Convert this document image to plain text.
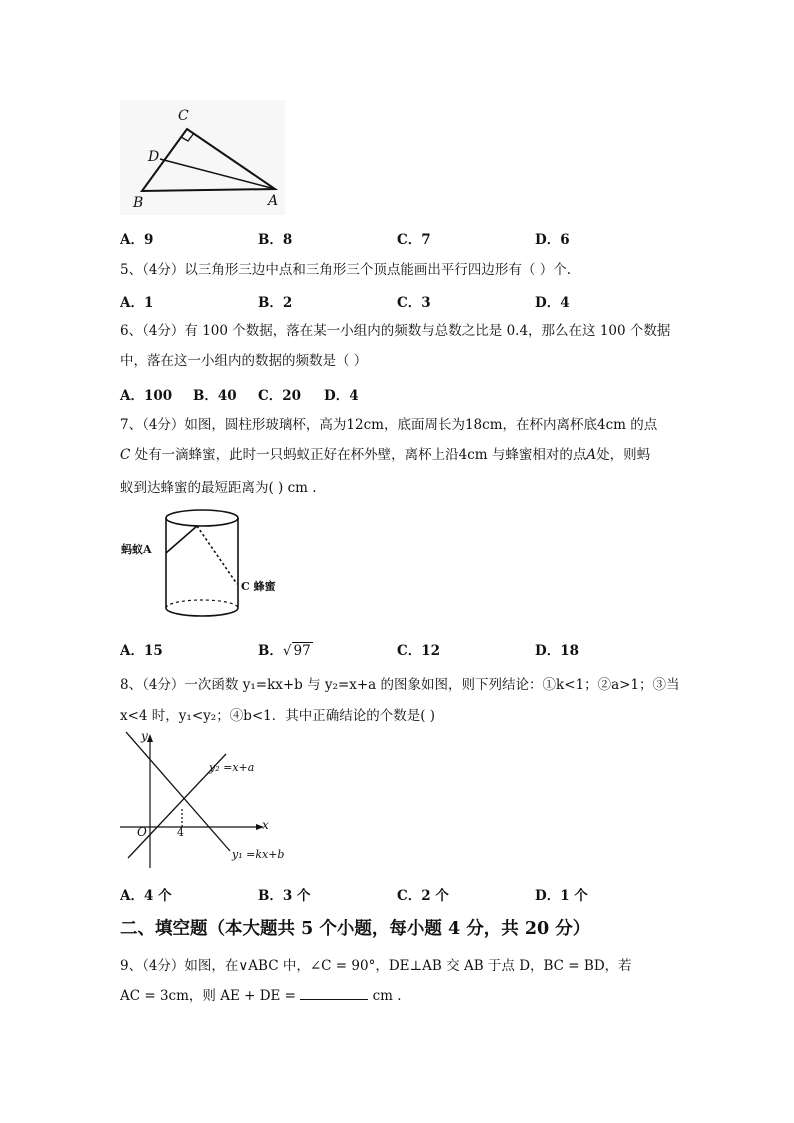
C
D
B	A
A．9	B．8	C．7	D．6
5、（4分）以三角形三边中点和三角形三个顶点能画出平行四边形有（ ）个.
A．1	B．2	C．3	D．4
6、（4分）有 100 个数据，落在某一小组内的频数与总数之比是 0.4，那么在这 100 个数据
中，落在这一小组内的数据的频数是（ ）
A．100 B．40 C．20 D．4
7、（4分）如图，圆柱形玻璃杯，高为12cm，底面周长为18cm，在杯内离杯底4cm 的点
C 处有一滴蜂蜜，此时一只蚂蚁正好在杯外壁，离杯上沿4cm 与蜂蜜相对的点A处，则蚂
蚁到达蜂蜜的最短距离为( ) cm .
蚂蚁A
C 蜂蜜
A．15	B．√ 97	C．12	D．18
8、（4分）一次函数 y₁=kx+b 与 y₂=x+a 的图象如图，则下列结论：①k<1；②a>1；③当
x<4 时，y₁<y₂；④b<1．其中正确结论的个数是( )
y
x
O	4
y₂ =x+a
y₁ =kx+b
A．4 个	B．3 个	C．2 个	D．1 个
二、填空题（本大题共 5 个小题，每小题 4 分，共 20 分）
9、（4分）如图，在∨ABC 中，∠C = 90°，DE⊥AB 交 AB 于点 D，BC = BD，若
AC = 3cm，则 AE + DE =	cm .
